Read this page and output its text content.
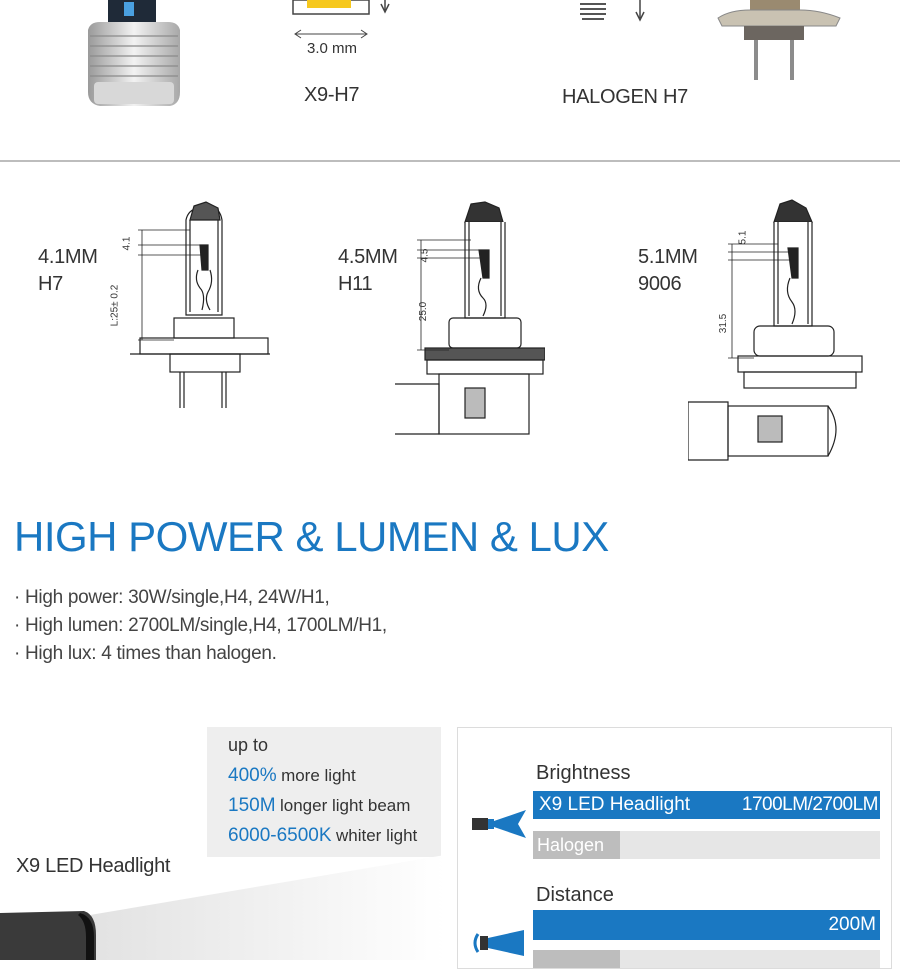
3.0 mm
X9-H7	HALOGEN H7
4.1MM
H7
4.5MM
H11
5.1MM
9006
4.1
L:25± 0.2
4.5
25.0
5.1
31.5
HIGH POWER & LUMEN & LUX
· High power: 30W/single,H4, 24W/H1,
· High lumen: 2700LM/single,H4, 1700LM/H1,
· High lux: 4 times than halogen.
up to
400% more light
150M longer light beam
6000-6500K whiter light
X9 LED Headlight
Brightness
X9 LED Headlight	1700LM/2700LM
Halogen
Distance
200M
